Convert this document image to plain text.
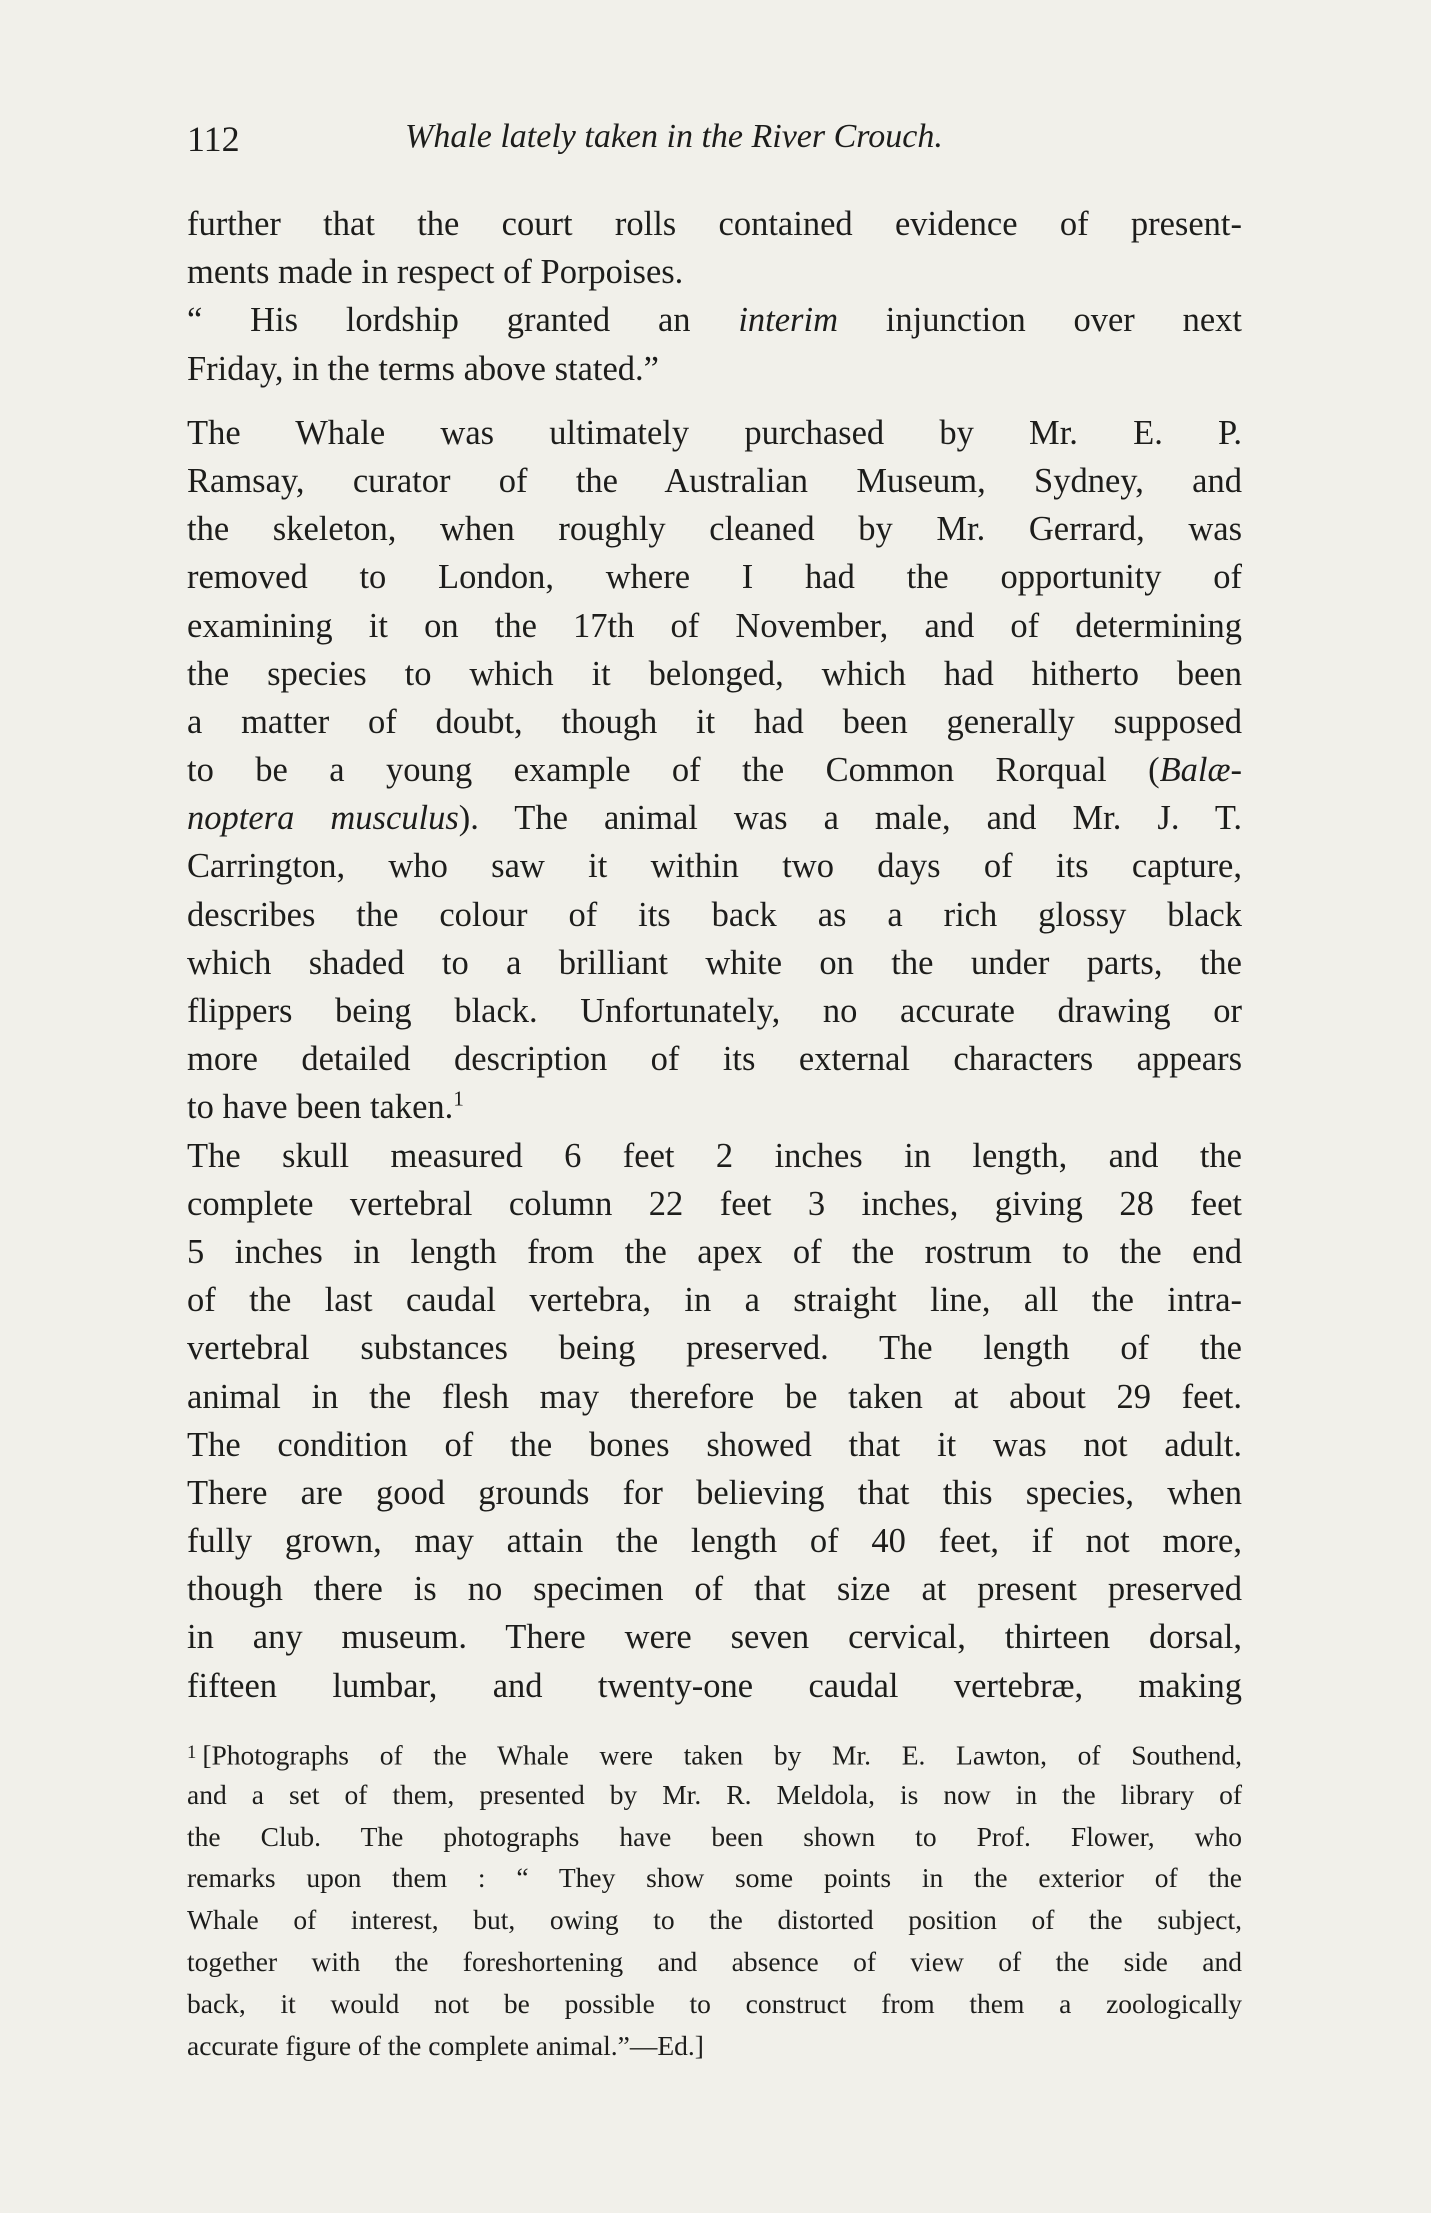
112	Whale lately taken in the River Crouch.
further that the court rolls contained evidence of present-
ments made in respect of Porpoises.
“ His lordship granted an interim injunction over next
Friday, in the terms above stated.”
The Whale was ultimately purchased by Mr. E. P.
Ramsay, curator of the Australian Museum, Sydney, and
the skeleton, when roughly cleaned by Mr. Gerrard, was
removed to London, where I had the opportunity of
examining it on the 17th of November, and of determining
the species to which it belonged, which had hitherto been
a matter of doubt, though it had been generally supposed
to be a young example of the Common Rorqual (Balæ-
noptera musculus). The animal was a male, and Mr. J. T.
Carrington, who saw it within two days of its capture,
describes the colour of its back as a rich glossy black
which shaded to a brilliant white on the under parts, the
flippers being black. Unfortunately, no accurate drawing or
more detailed description of its external characters appears
to have been taken.$^1$
The skull measured 6 feet 2 inches in length, and the
complete vertebral column 22 feet 3 inches, giving 28 feet
5 inches in length from the apex of the rostrum to the end
of the last caudal vertebra, in a straight line, all the intra-
vertebral substances being preserved. The length of the
animal in the flesh may therefore be taken at about 29 feet.
The condition of the bones showed that it was not adult.
There are good grounds for believing that this species, when
fully grown, may attain the length of 40 feet, if not more,
though there is no specimen of that size at present preserved
in any museum. There were seven cervical, thirteen dorsal,
fifteen lumbar, and twenty-one caudal vertebræ, making
$^1$ [Photographs of the Whale were taken by Mr. E. Lawton, of Southend,
and a set of them, presented by Mr. R. Meldola, is now in the library of
the Club. The photographs have been shown to Prof. Flower, who
remarks upon them : “ They show some points in the exterior of the
Whale of interest, but, owing to the distorted position of the subject,
together with the foreshortening and absence of view of the side and
back, it would not be possible to construct from them a zoologically
accurate figure of the complete animal.”—Ed.]
